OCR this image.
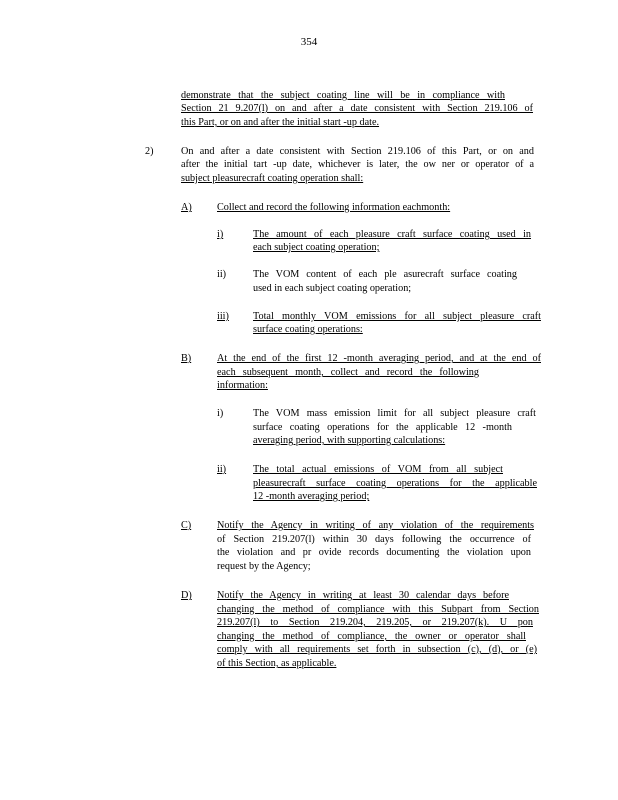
354
demonstrate that the subject coating line will be in compliance with
Section 21 9.207(l) on and after a date consistent with Section 219.106 of
this Part, or on and after the initial start -up date.
2)	On and after a date consistent with Section 219.106 of this Part, or on and
after the initial tart -up date, whichever is later, the ow ner or operator of a
subject pleasurecraft coating operation shall:
A) Collect and record the following information eachmonth:
i)	The amount of each pleasure craft surface coating used in
each subject coating operation;
ii)	The VOM content of each ple asurecraft surface coating
used in each subject coating operation;
iii) Total monthly VOM emissions for all subject pleasure craft
surface coating operations:
B)	At the end of the first 12 -month averaging period, and at the end of
each subsequent month, collect and record the following
information:
i)	The VOM mass emission limit for all subject pleasure craft
surface coating operations for the applicable 12 -month
averaging period, with supporting calculations:
ii)	The total actual emissions of VOM from all subject
pleasurecraft surface coating operations for the applicable
12 -month averaging period;
C)	Notify the Agency in writing of any violation of the requirements
of Section 219.207(l) within 30 days following the occurrence of
the violation and pr ovide records documenting the violation upon
request by the Agency;
D) Notify the Agency in writing at least 30 calendar days before
changing the method of compliance with this Subpart from Section
219.207(l) to Section 219.204, 219.205, or 219.207(k). U pon
changing the method of compliance, the owner or operator shall
comply with all requirements set forth in subsection (c), (d), or (e)
of this Section, as applicable.
